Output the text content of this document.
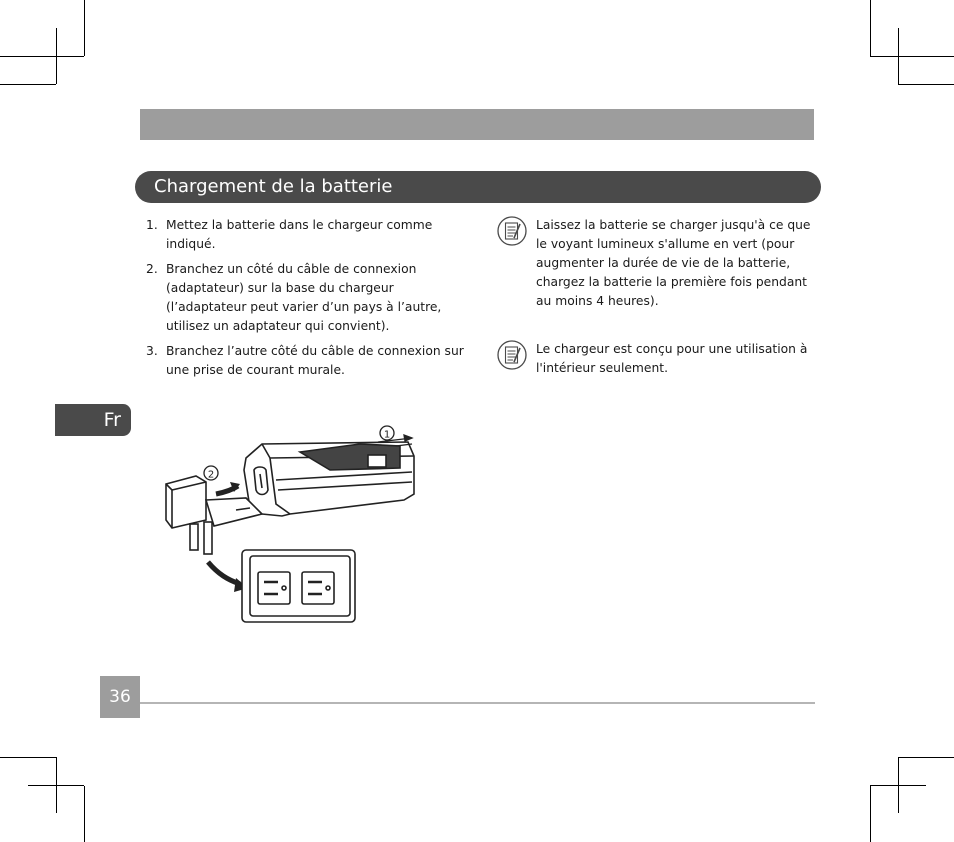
Chargement de la batterie
1. Mettez la batterie dans le chargeur comme indiqué.
2. Branchez un côté du câble de connexion (adaptateur) sur la base du chargeur (l’adaptateur peut varier d’un pays à l’autre, utilisez un adaptateur qui convient).
3. Branchez l’autre côté du câble de connexion sur une prise de courant murale.
Laissez la batterie se charger jusqu'à ce que le voyant lumineux s'allume en vert (pour augmenter la durée de vie de la batterie, chargez la batterie la première fois pendant au moins 4 heures).
Le chargeur est conçu pour une utilisation à l'intérieur seulement.
Fr
1
2
36
